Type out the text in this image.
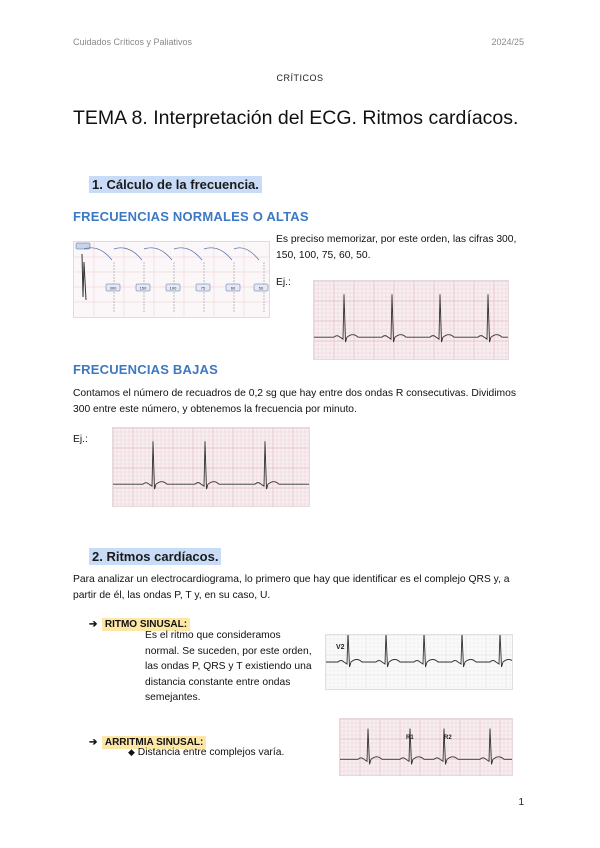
Cuidados Críticos y Paliativos	2024/25
CRÍTICOS
TEMA 8. Interpretación del ECG. Ritmos cardíacos.
1. Cálculo de la frecuencia.
FRECUENCIAS NORMALES O ALTAS
300	150	100	75	60	50
Es preciso memorizar, por este orden, las cifras 300, 150, 100, 75, 60, 50.
Ej.:
FRECUENCIAS BAJAS
Contamos el número de recuadros de 0,2 sg que hay entre dos ondas R consecutivas. Dividimos 300 entre este número, y obtenemos la frecuencia por minuto.
Ej.:
2. Ritmos cardíacos.
Para analizar un electrocardiograma, lo primero que hay que identificar es el complejo QRS y, a partir de él, las ondas P, T y, en su caso, U.
➔ RITMO SINUSAL:
Es el ritmo que consideramos normal. Se suceden, por este orden, las ondas P, QRS y T existiendo una distancia constante entre ondas semejantes.
V2
➔ ARRITMIA SINUSAL:
◆ Distancia entre complejos varía.
R1	R2
1
